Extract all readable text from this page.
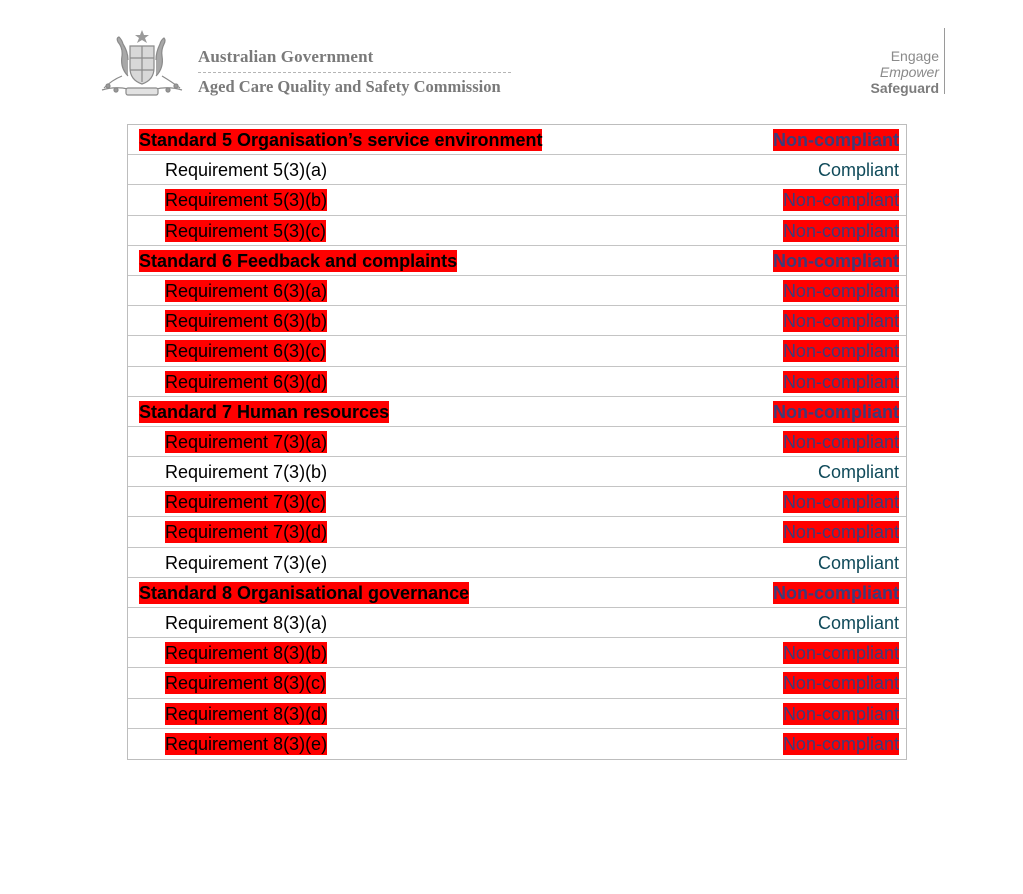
Australian Government
Aged Care Quality and Safety Commission
Engage
Empower
Safeguard
Standard 5 Organisation’s service environment	Non-compliant
Requirement 5(3)(a)	Compliant
Requirement 5(3)(b)	Non-compliant
Requirement 5(3)(c)	Non-compliant
Standard 6 Feedback and complaints	Non-compliant
Requirement 6(3)(a)	Non-compliant
Requirement 6(3)(b)	Non-compliant
Requirement 6(3)(c)	Non-compliant
Requirement 6(3)(d)	Non-compliant
Standard 7 Human resources	Non-compliant
Requirement 7(3)(a)	Non-compliant
Requirement 7(3)(b)	Compliant
Requirement 7(3)(c)	Non-compliant
Requirement 7(3)(d)	Non-compliant
Requirement 7(3)(e)	Compliant
Standard 8 Organisational governance	Non-compliant
Requirement 8(3)(a)	Compliant
Requirement 8(3)(b)	Non-compliant
Requirement 8(3)(c)	Non-compliant
Requirement 8(3)(d)	Non-compliant
Requirement 8(3)(e)	Non-compliant
